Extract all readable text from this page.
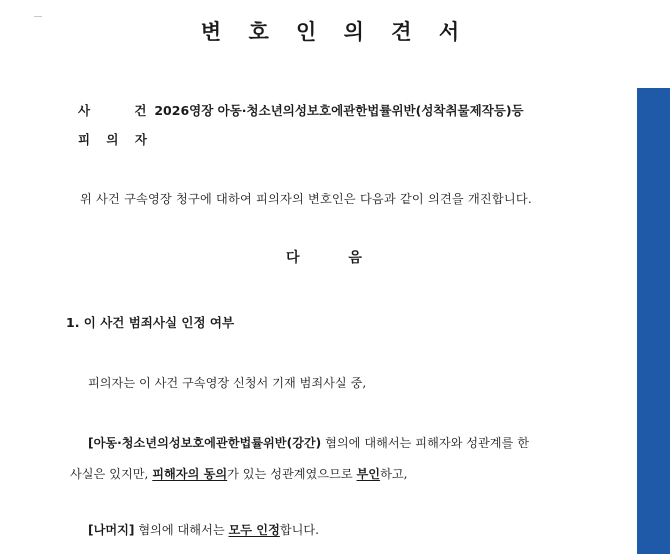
변 호 인 의 견 서
사 건 2026영장 아동·청소년의성보호에관한법률위반(성착취물제작등)등
피 의 자
위 사건 구속영장 청구에 대하여 피의자의 변호인은 다음과 같이 의견을 개진합니다.
다 음
1. 이 사건 범죄사실 인정 여부
피의자는 이 사건 구속영장 신청서 기재 범죄사실 중,
[아동·청소년의성보호에관한법률위반(강간) 혐의에 대해서는 피해자와 성관계를 한
사실은 있지만, 피해자의 동의가 있는 성관계였으므로 부인하고,
[나머지] 혐의에 대해서는 모두 인정합니다.
